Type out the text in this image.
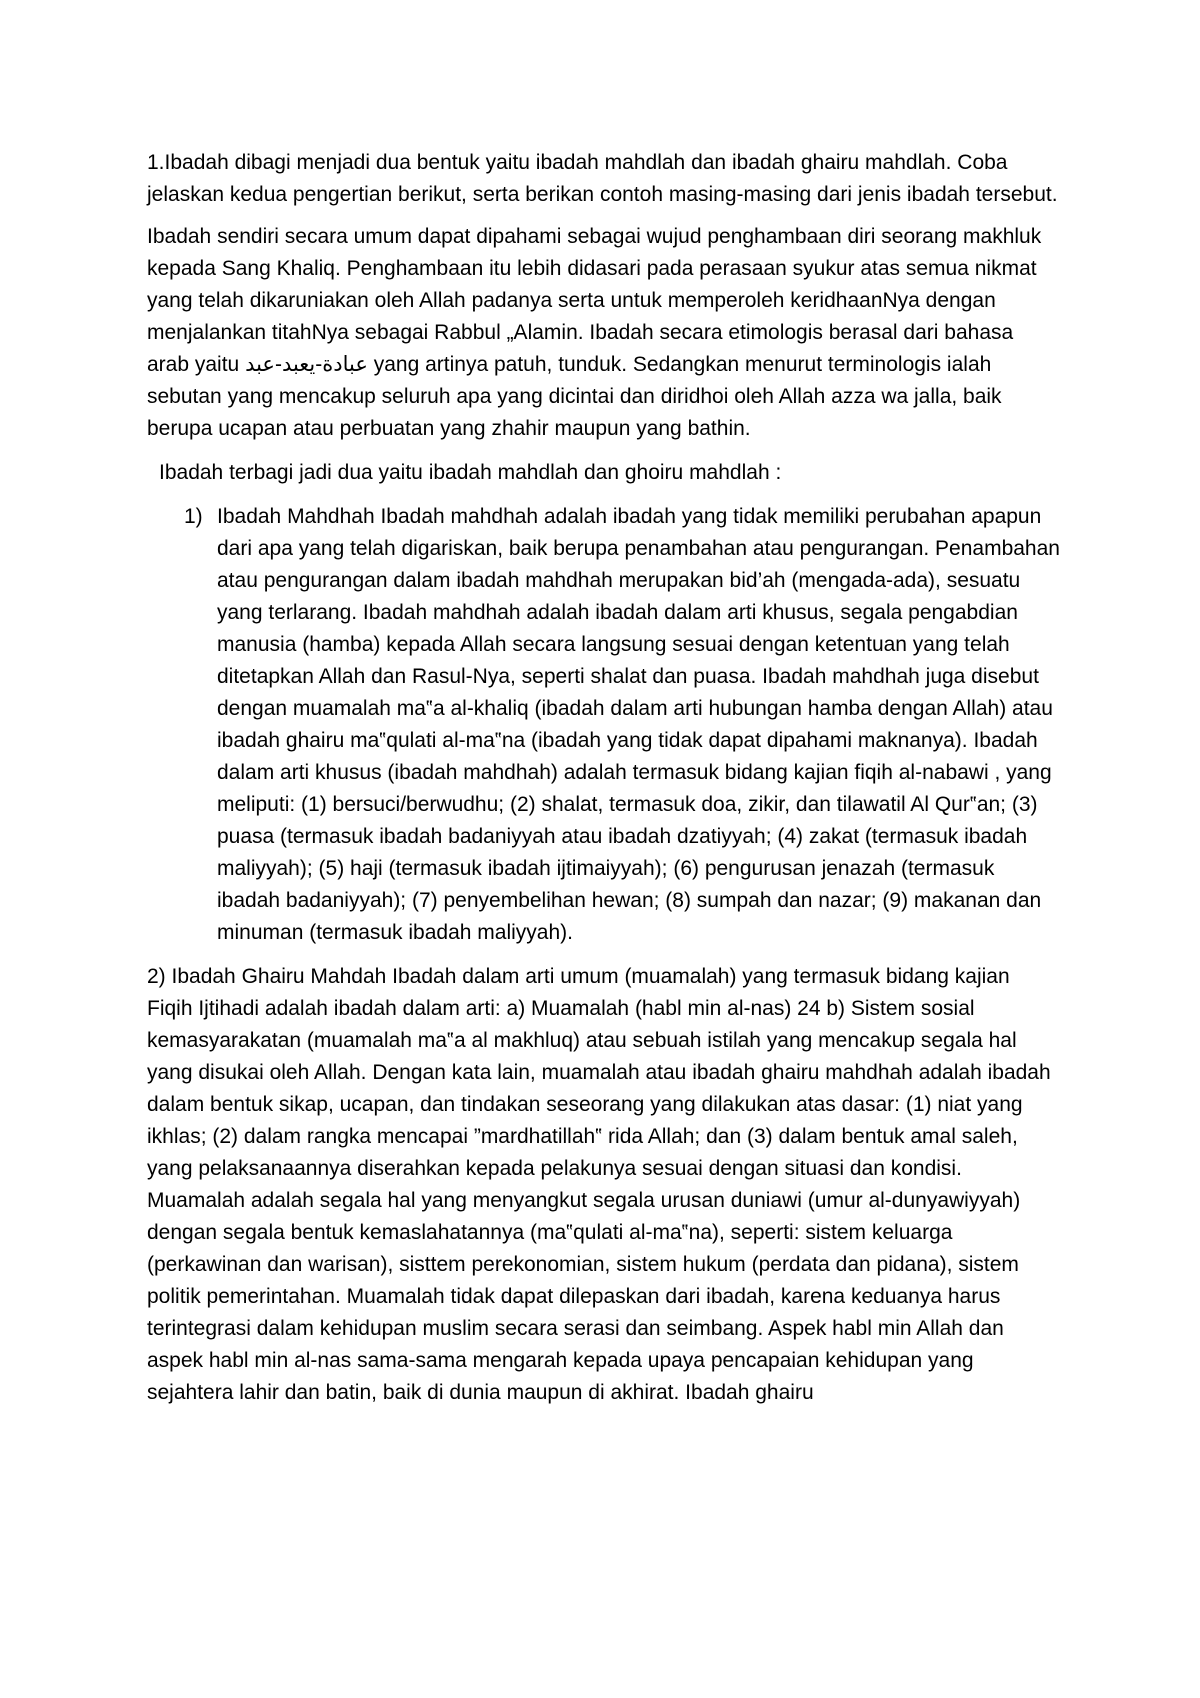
1.Ibadah dibagi menjadi dua bentuk yaitu ibadah mahdlah dan ibadah ghairu mahdlah. Coba jelaskan kedua pengertian berikut, serta berikan contoh masing-masing dari jenis ibadah tersebut.

Ibadah sendiri secara umum dapat dipahami sebagai wujud penghambaan diri seorang makhluk kepada Sang Khaliq. Penghambaan itu lebih didasari pada perasaan syukur atas semua nikmat yang telah dikaruniakan oleh Allah padanya serta untuk memperoleh keridhaanNya dengan menjalankan titahNya sebagai Rabbul „Alamin. Ibadah secara etimologis berasal dari bahasa arab yaitu عبادة-يعبد-عبد yang artinya patuh, tunduk. Sedangkan menurut terminologis ialah sebutan yang mencakup seluruh apa yang dicintai dan diridhoi oleh Allah azza wa jalla, baik berupa ucapan atau perbuatan yang zhahir maupun yang bathin.

Ibadah terbagi jadi dua yaitu ibadah mahdlah dan ghoiru mahdlah :

1) Ibadah Mahdhah Ibadah mahdhah adalah ibadah yang tidak memiliki perubahan apapun dari apa yang telah digariskan, baik berupa penambahan atau pengurangan. Penambahan atau pengurangan dalam ibadah mahdhah merupakan bid’ah (mengada-ada), sesuatu yang terlarang. Ibadah mahdhah adalah ibadah dalam arti khusus, segala pengabdian manusia (hamba) kepada Allah secara langsung sesuai dengan ketentuan yang telah ditetapkan Allah dan Rasul-Nya, seperti shalat dan puasa. Ibadah mahdhah juga disebut dengan muamalah ma‟a al-khaliq (ibadah dalam arti hubungan hamba dengan Allah) atau ibadah ghairu ma‟qulati al-ma‟na (ibadah yang tidak dapat dipahami maknanya). Ibadah dalam arti khusus (ibadah mahdhah) adalah termasuk bidang kajian fiqih al-nabawi , yang meliputi: (1) bersuci/berwudhu; (2) shalat, termasuk doa, zikir, dan tilawatil Al Qur‟an; (3) puasa (termasuk ibadah badaniyyah atau ibadah dzatiyyah; (4) zakat (termasuk ibadah maliyyah); (5) haji (termasuk ibadah ijtimaiyyah); (6) pengurusan jenazah (termasuk ibadah badaniyyah); (7) penyembelihan hewan; (8) sumpah dan nazar; (9) makanan dan minuman (termasuk ibadah maliyyah).

2) Ibadah Ghairu Mahdah Ibadah dalam arti umum (muamalah) yang termasuk bidang kajian Fiqih Ijtihadi adalah ibadah dalam arti: a) Muamalah (habl min al-nas) 24 b) Sistem sosial kemasyarakatan (muamalah ma‟a al makhluq) atau sebuah istilah yang mencakup segala hal yang disukai oleh Allah. Dengan kata lain, muamalah atau ibadah ghairu mahdhah adalah ibadah dalam bentuk sikap, ucapan, dan tindakan seseorang yang dilakukan atas dasar: (1) niat yang ikhlas; (2) dalam rangka mencapai ”mardhatillah‟ rida Allah; dan (3) dalam bentuk amal saleh, yang pelaksanaannya diserahkan kepada pelakunya sesuai dengan situasi dan kondisi. Muamalah adalah segala hal yang menyangkut segala urusan duniawi (umur al-dunyawiyyah) dengan segala bentuk kemaslahatannya (ma‟qulati al-ma‟na), seperti: sistem keluarga (perkawinan dan warisan), sisttem perekonomian, sistem hukum (perdata dan pidana), sistem politik pemerintahan. Muamalah tidak dapat dilepaskan dari ibadah, karena keduanya harus terintegrasi dalam kehidupan muslim secara serasi dan seimbang. Aspek habl min Allah dan aspek habl min al-nas sama-sama mengarah kepada upaya pencapaian kehidupan yang sejahtera lahir dan batin, baik di dunia maupun di akhirat. Ibadah ghairu
